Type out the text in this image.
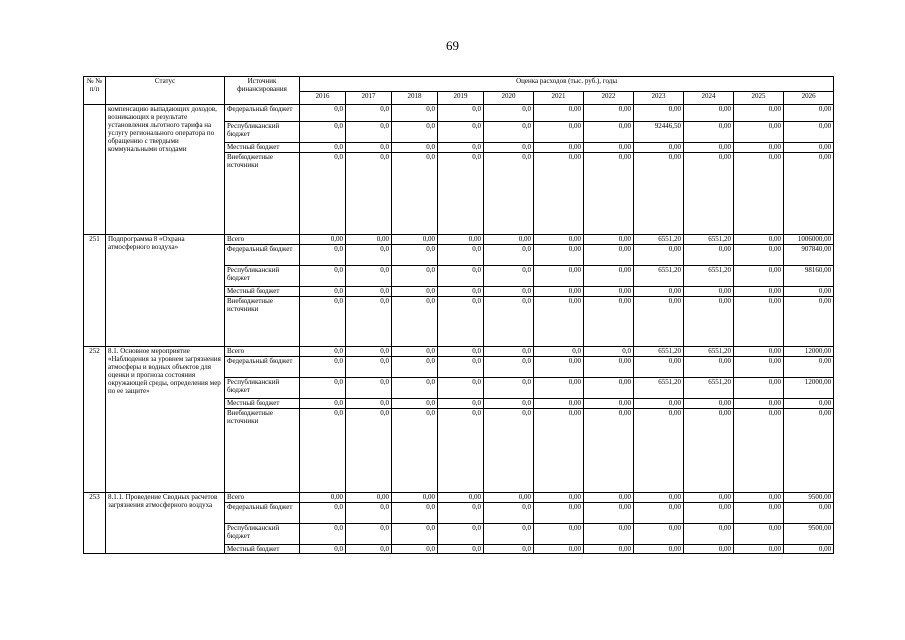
69
№ № п/п	Статус	Источник финансирования	Оценка расходов (тыс. руб.), годы										
			2016	2017	2018	2019	2020	2021	2022	2023	2024	2025	2026
	компенсацию выпадающих доходов, возникающих в результате установления льготного тарифа на услугу регионального оператора по обращению с твердыми коммунальными отходами	Федеральный бюджет	0,0	0,0	0,0	0,0	0,0	0,00	0,00	0,00	0,00	0,00	0,00
		Республиканский бюджет	0,0	0,0	0,0	0,0	0,0	0,00	0,00	92446,50	0,00	0,00	0,00
		Местный бюджет	0,0	0,0	0,0	0,0	0,0	0,00	0,00	0,00	0,00	0,00	0,00
		Внебюджетные источники	0,0	0,0	0,0	0,0	0,0	0,00	0,00	0,00	0,00	0,00	0,00
251	Подпрограмма 8 «Охрана атмосферного воздуха»	Всего	0,00	0,00	0,00	0,00	0,00	0,00	0,00	6551,20	6551,20	0,00	1006000,00
		Федеральный бюджет	0,0	0,0	0,0	0,0	0,0	0,00	0,00	0,00	0,00	0,00	907840,00
		Республиканский бюджет	0,0	0,0	0,0	0,0	0,0	0,00	0,00	6551,20	6551,20	0,00	98160,00
		Местный бюджет	0,0	0,0	0,0	0,0	0,0	0,00	0,00	0,00	0,00	0,00	0,00
		Внебюджетные источники	0,0	0,0	0,0	0,0	0,0	0,00	0,00	0,00	0,00	0,00	0,00
252	8.1. Основное мероприятие «Наблюдения за уровнем загрязнения атмосферы и водных объектов для оценки и прогноза состояния окружающей среды, определения мер по ее защите»	Всего	0,0	0,0	0,0	0,0	0,0	0,0	0,0	6551,20	6551,20	0,00	12000,00
		Федеральный бюджет	0,0	0,0	0,0	0,0	0,0	0,00	0,00	0,00	0,00	0,00	0,00
		Республиканский бюджет	0,0	0,0	0,0	0,0	0,0	0,00	0,00	6551,20	6551,20	0,00	12000,00
		Местный бюджет	0,0	0,0	0,0	0,0	0,0	0,00	0,00	0,00	0,00	0,00	0,00
		Внебюджетные источники	0,0	0,0	0,0	0,0	0,0	0,00	0,00	0,00	0,00	0,00	0,00
253	8.1.1. Проведение Сводных расчетов загрязнения атмосферного воздуха	Всего	0,00	0,00	0,00	0,00	0,00	0,00	0,00	0,00	0,00	0,00	9500,00
		Федеральный бюджет	0,0	0,0	0,0	0,0	0,0	0,00	0,00	0,00	0,00	0,00	0,00
		Республиканский бюджет	0,0	0,0	0,0	0,0	0,0	0,00	0,00	0,00	0,00	0,00	9500,00
		Местный бюджет	0,0	0,0	0,0	0,0	0,0	0,00	0,00	0,00	0,00	0,00	0,00
